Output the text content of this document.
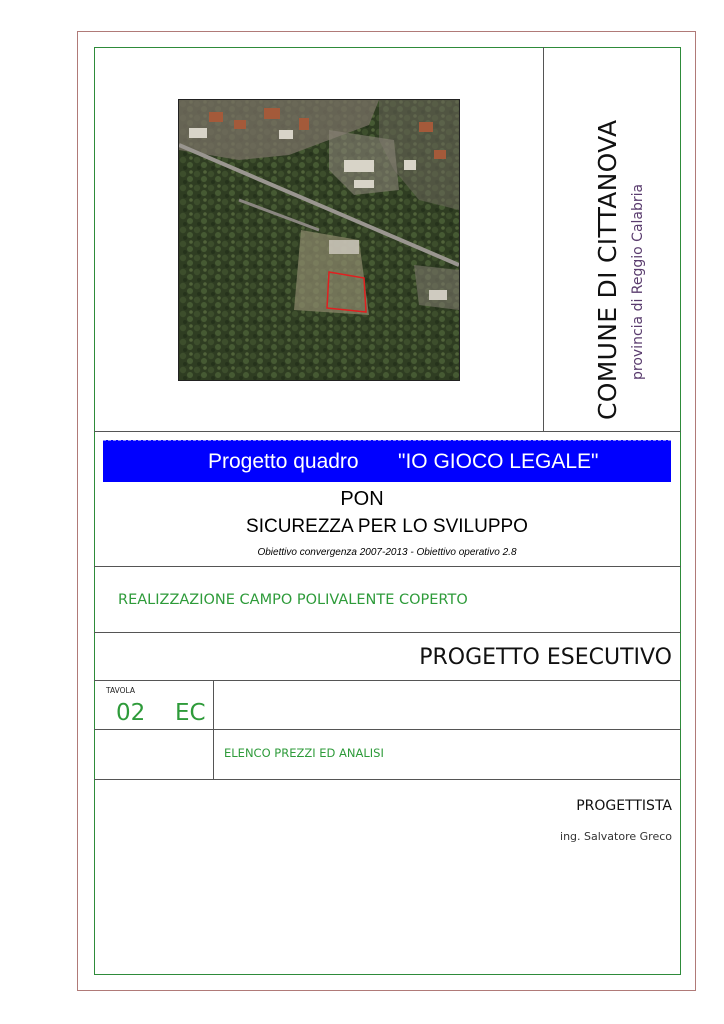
COMUNE DI CITTANOVA provincia di Reggio Calabria
Progetto quadro "IO GIOCO LEGALE"
PON
SICUREZZA PER LO SVILUPPO
Obiettivo convergenza 2007-2013 - Obiettivo operativo 2.8
REALIZZAZIONE CAMPO POLIVALENTE COPERTO
PROGETTO ESECUTIVO
TAVOLA
02 EC
ELENCO PREZZI ED ANALISI
PROGETTISTA
ing. Salvatore Greco
